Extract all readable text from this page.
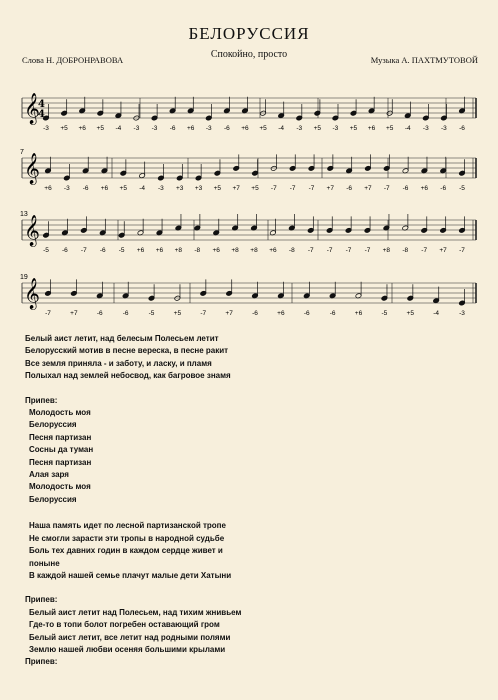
БЕЛОРУССИЯ
Спокойно, просто
Слова Н. ДОБРОНРАВОВА	Музыка А. ПАХТМУТОВОЙ
𝄞
𝄞
𝄞
𝄞
4
4
7
13
19
-3 +5 +6 +5 -4 -3 -3 -6 +6 -3 -6 +6 +5 -4 -3 +5 -3 +5 +6 +5 -4 -3 -3 -6
+6 -3 -6 +6 +5 -4 -3 +3 +3 +5 +7 +5 -7 -7 -7 +7 -6 +7 -7 -6 +6 -6 -5
-5 -6 -7 -6 -5 +6 +6 +8 -8 +6 +8 +8 +6 -8 -7 -7 -7 -7 +8 -8 -7 +7 -7
-7	+7	-6	-6	-5	+5	-7	+7	-6	+6	-6	-6	+6	-5	+5	-4	-3

Белый аист летит, над белесым Полесьем летит

Белорусский мотив в песне вереска, в песне ракит

Все земля приняла - и заботу, и ласку, и пламя

Полыхал над землей небосвод, как багровое знамя

Припев:

Молодость моя

Белоруссия

Песня партизан

Сосны да туман

Песня партизан

Алая заря

Молодость моя

Белоруссия

Наша память идет по лесной партизанской тропе

Не смогли зарасти эти тропы в народной судьбе

Боль тех давних годин в каждом сердце живет и

поныне

В каждой нашей семье плачут малые дети Хатыни

Припев:

Белый аист летит над Полесьем, над тихим жнивьем

Где-то в топи болот погребен оставающий гром

Белый аист летит, все летит над родными полями

Землю нашей любви осеняя большими крылами

Припев:
